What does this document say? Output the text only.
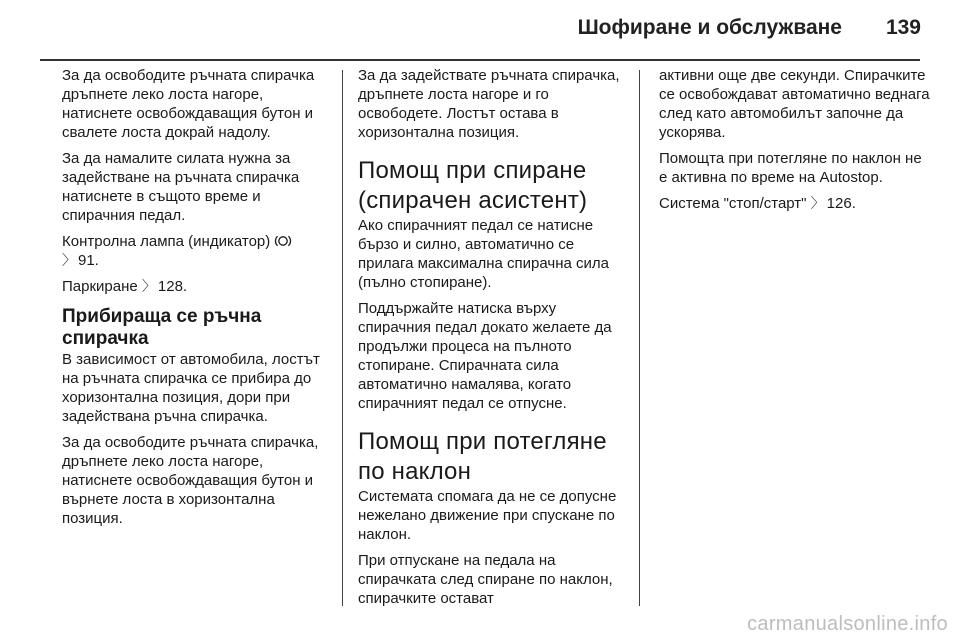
Шофиране и обслужване 139

За да освободите ръчната спирачка дръпнете леко лоста нагоре, натиснете освобождаващия бутон и свалете лоста докрай надолу.

За да намалите силата нужна за задействане на ръчната спирачка натиснете в същото време и спирачния педал.

Контролна лампа (индикатор)
〉 91.

Паркиране 〉 128.

Прибиращa се ръчна спирачка

В зависимост от автомобила, лостът на ръчната спирачка се прибира до хоризонтална позиция, дори при задействана ръчна спирачка.

За да освободите ръчната спирачка, дръпнете леко лоста нагоре, натиснете освобождаващия бутон и върнете лоста в хоризонтална позиция.

За да задействате ръчната спирачка, дръпнете лоста нагоре и го освободете. Лостът остава в хоризонтална позиция.

Помощ при спиране (спирачен асистент)

Ако спирачният педал се натисне бързо и силно, автоматично се прилага максимална спирачна сила (пълно стопиране).

Поддържайте натиска върху спирачния педал докато желаете да продължи процеса на пълното стопиране. Спирачната сила автоматично намалява, когато спирачният педал се отпусне.

Помощ при потегляне по наклон

Системата спомага да не се допусне нежелано движение при спускане по наклон.

При отпускане на педала на спирачката след спиране по наклон, спирачките остават

активни още две секунди. Спирачките се освобождават автоматично веднага след като автомобилът започне да ускорява.

Помощта при потегляне по наклон не е активна по време на Autostop.

Система "стоп/старт" 〉 126.

carmanualsonline.info
